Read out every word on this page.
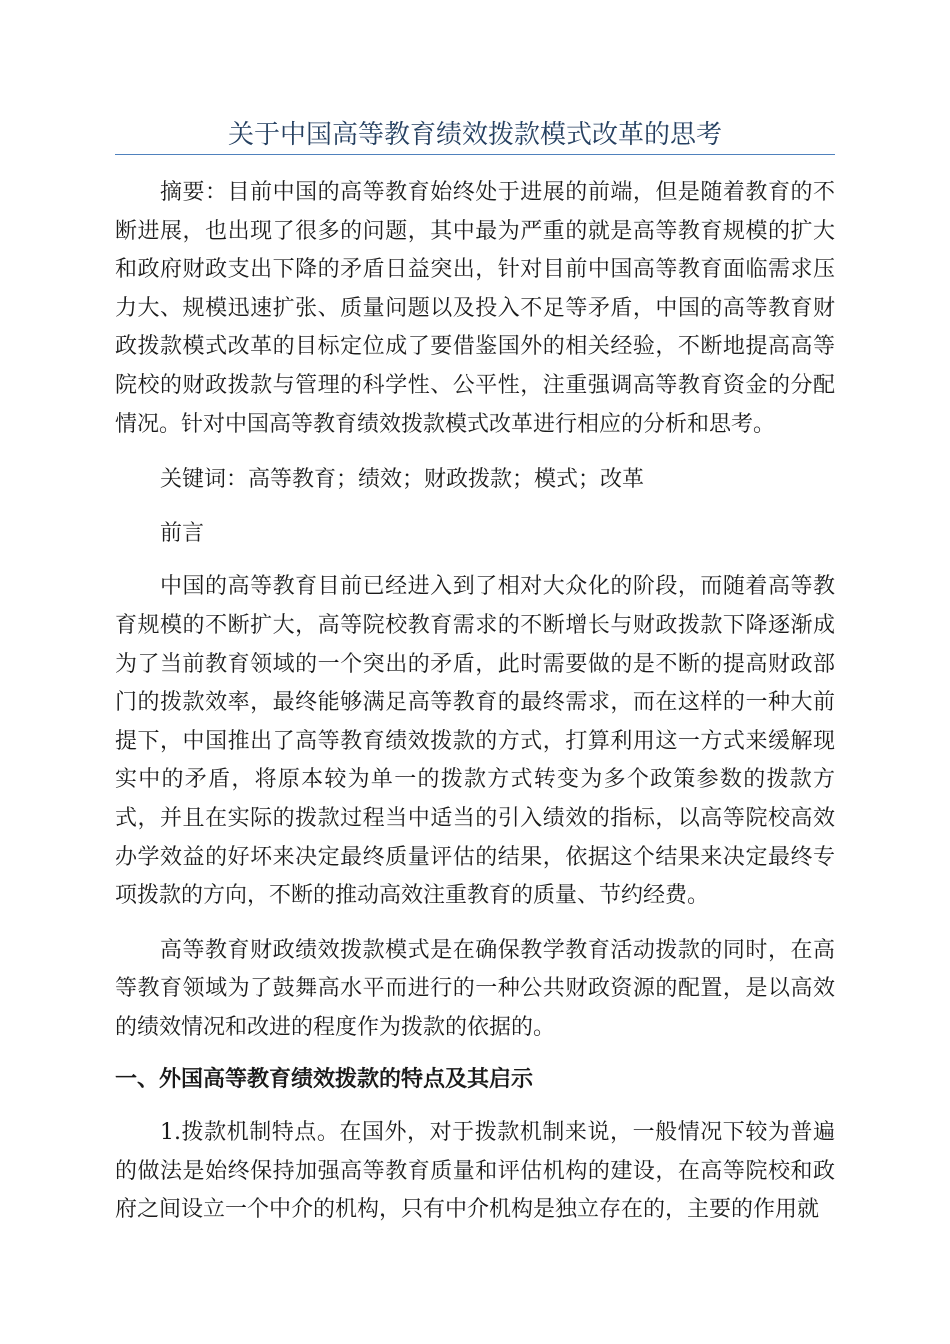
关于中国高等教育绩效拨款模式改革的思考

摘要：目前中国的高等教育始终处于进展的前端，但是随着教育的不断进展，也出现了很多的问题，其中最为严重的就是高等教育规模的扩大和政府财政支出下降的矛盾日益突出，针对目前中国高等教育面临需求压力大、规模迅速扩张、质量问题以及投入不足等矛盾，中国的高等教育财政拨款模式改革的目标定位成了要借鉴国外的相关经验，不断地提高高等院校的财政拨款与管理的科学性、公平性，注重强调高等教育资金的分配情况。针对中国高等教育绩效拨款模式改革进行相应的分析和思考。

关键词：高等教育；绩效；财政拨款；模式；改革

前言

中国的高等教育目前已经进入到了相对大众化的阶段，而随着高等教育规模的不断扩大，高等院校教育需求的不断增长与财政拨款下降逐渐成为了当前教育领域的一个突出的矛盾，此时需要做的是不断的提高财政部门的拨款效率，最终能够满足高等教育的最终需求，而在这样的一种大前提下，中国推出了高等教育绩效拨款的方式，打算利用这一方式来缓解现实中的矛盾，将原本较为单一的拨款方式转变为多个政策参数的拨款方式，并且在实际的拨款过程当中适当的引入绩效的指标，以高等院校高效办学效益的好坏来决定最终质量评估的结果，依据这个结果来决定最终专项拨款的方向，不断的推动高效注重教育的质量、节约经费。

高等教育财政绩效拨款模式是在确保教学教育活动拨款的同时，在高等教育领域为了鼓舞高水平而进行的一种公共财政资源的配置，是以高效的绩效情况和改进的程度作为拨款的依据的。

一、外国高等教育绩效拨款的特点及其启示

1.拨款机制特点。在国外，对于拨款机制来说，一般情况下较为普遍的做法是始终保持加强高等教育质量和评估机构的建设，在高等院校和政府之间设立一个中介的机构，只有中介机构是独立存在的，主要的作用就
